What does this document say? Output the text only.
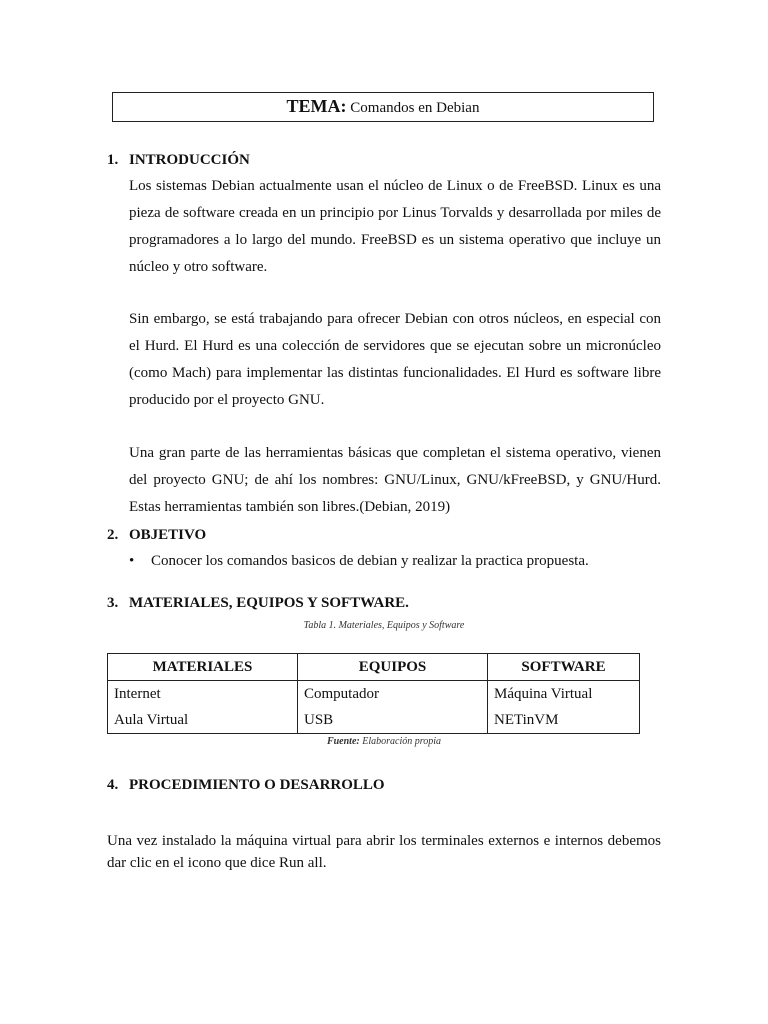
TEMA: Comandos en Debian
1. INTRODUCCIÓN
Los sistemas Debian actualmente usan el núcleo de Linux o de FreeBSD. Linux es una pieza de software creada en un principio por Linus Torvalds y desarrollada por miles de programadores a lo largo del mundo. FreeBSD es un sistema operativo que incluye un núcleo y otro software.
Sin embargo, se está trabajando para ofrecer Debian con otros núcleos, en especial con el Hurd. El Hurd es una colección de servidores que se ejecutan sobre un micronúcleo (como Mach) para implementar las distintas funcionalidades. El Hurd es software libre producido por el proyecto GNU.
Una gran parte de las herramientas básicas que completan el sistema operativo, vienen del proyecto GNU; de ahí los nombres: GNU/Linux, GNU/kFreeBSD, y GNU/Hurd. Estas herramientas también son libres.(Debian, 2019)
2. OBJETIVO
• Conocer los comandos basicos de debian y realizar la practica propuesta.
3. MATERIALES, EQUIPOS Y SOFTWARE.
Tabla 1. Materiales, Equipos y Software
MATERIALES	EQUIPOS	SOFTWARE
Internet	Computador	Máquina Virtual
Aula Virtual	USB	NETinVM
Fuente: Elaboración propia
4. PROCEDIMIENTO O DESARROLLO
Una vez instalado la máquina virtual para abrir los terminales externos e internos debemos dar clic en el icono que dice Run all.
